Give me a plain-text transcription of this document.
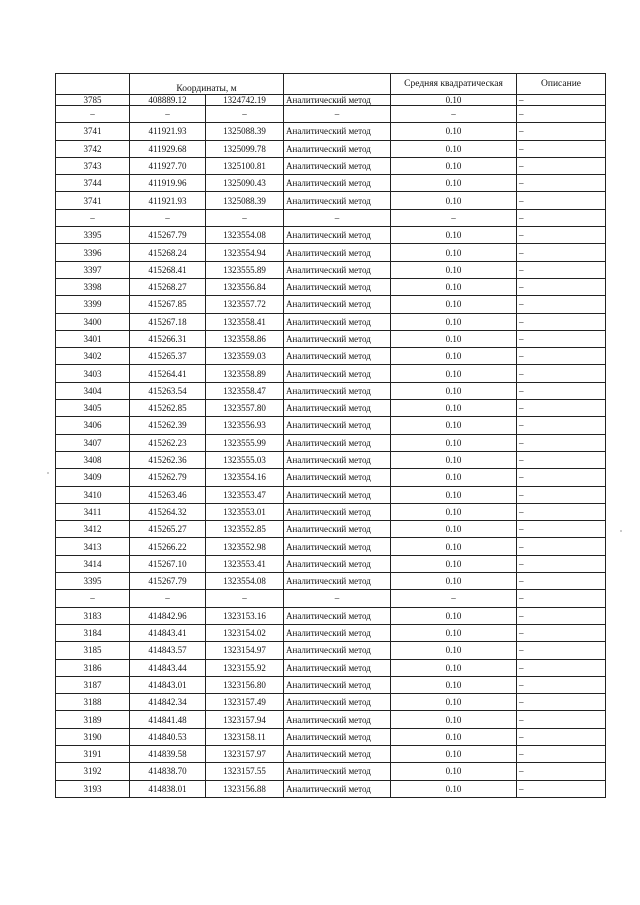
	Координаты, м			Средняя квадратическая	Описание
3785	408889.12	1324742.19	Аналитический метод	0.10	–
–	–	–	–	–	–
3741	411921.93	1325088.39	Аналитический метод	0.10	–
3742	411929.68	1325099.78	Аналитический метод	0.10	–
3743	411927.70	1325100.81	Аналитический метод	0.10	–
3744	411919.96	1325090.43	Аналитический метод	0.10	–
3741	411921.93	1325088.39	Аналитический метод	0.10	–
–	–	–	–	–	–
3395	415267.79	1323554.08	Аналитический метод	0.10	–
3396	415268.24	1323554.94	Аналитический метод	0.10	–
3397	415268.41	1323555.89	Аналитический метод	0.10	–
3398	415268.27	1323556.84	Аналитический метод	0.10	–
3399	415267.85	1323557.72	Аналитический метод	0.10	–
3400	415267.18	1323558.41	Аналитический метод	0.10	–
3401	415266.31	1323558.86	Аналитический метод	0.10	–
3402	415265.37	1323559.03	Аналитический метод	0.10	–
3403	415264.41	1323558.89	Аналитический метод	0.10	–
3404	415263.54	1323558.47	Аналитический метод	0.10	–
3405	415262.85	1323557.80	Аналитический метод	0.10	–
3406	415262.39	1323556.93	Аналитический метод	0.10	–
3407	415262.23	1323555.99	Аналитический метод	0.10	–
3408	415262.36	1323555.03	Аналитический метод	0.10	–
3409	415262.79	1323554.16	Аналитический метод	0.10	–
3410	415263.46	1323553.47	Аналитический метод	0.10	–
3411	415264.32	1323553.01	Аналитический метод	0.10	–
3412	415265.27	1323552.85	Аналитический метод	0.10	–
3413	415266.22	1323552.98	Аналитический метод	0.10	–
3414	415267.10	1323553.41	Аналитический метод	0.10	–
3395	415267.79	1323554.08	Аналитический метод	0.10	–
–	–	–	–	–	–
3183	414842.96	1323153.16	Аналитический метод	0.10	–
3184	414843.41	1323154.02	Аналитический метод	0.10	–
3185	414843.57	1323154.97	Аналитический метод	0.10	–
3186	414843.44	1323155.92	Аналитический метод	0.10	–
3187	414843.01	1323156.80	Аналитический метод	0.10	–
3188	414842.34	1323157.49	Аналитический метод	0.10	–
3189	414841.48	1323157.94	Аналитический метод	0.10	–
3190	414840.53	1323158.11	Аналитический метод	0.10	–
3191	414839.58	1323157.97	Аналитический метод	0.10	–
3192	414838.70	1323157.55	Аналитический метод	0.10	–
3193	414838.01	1323156.88	Аналитический метод	0.10	–
